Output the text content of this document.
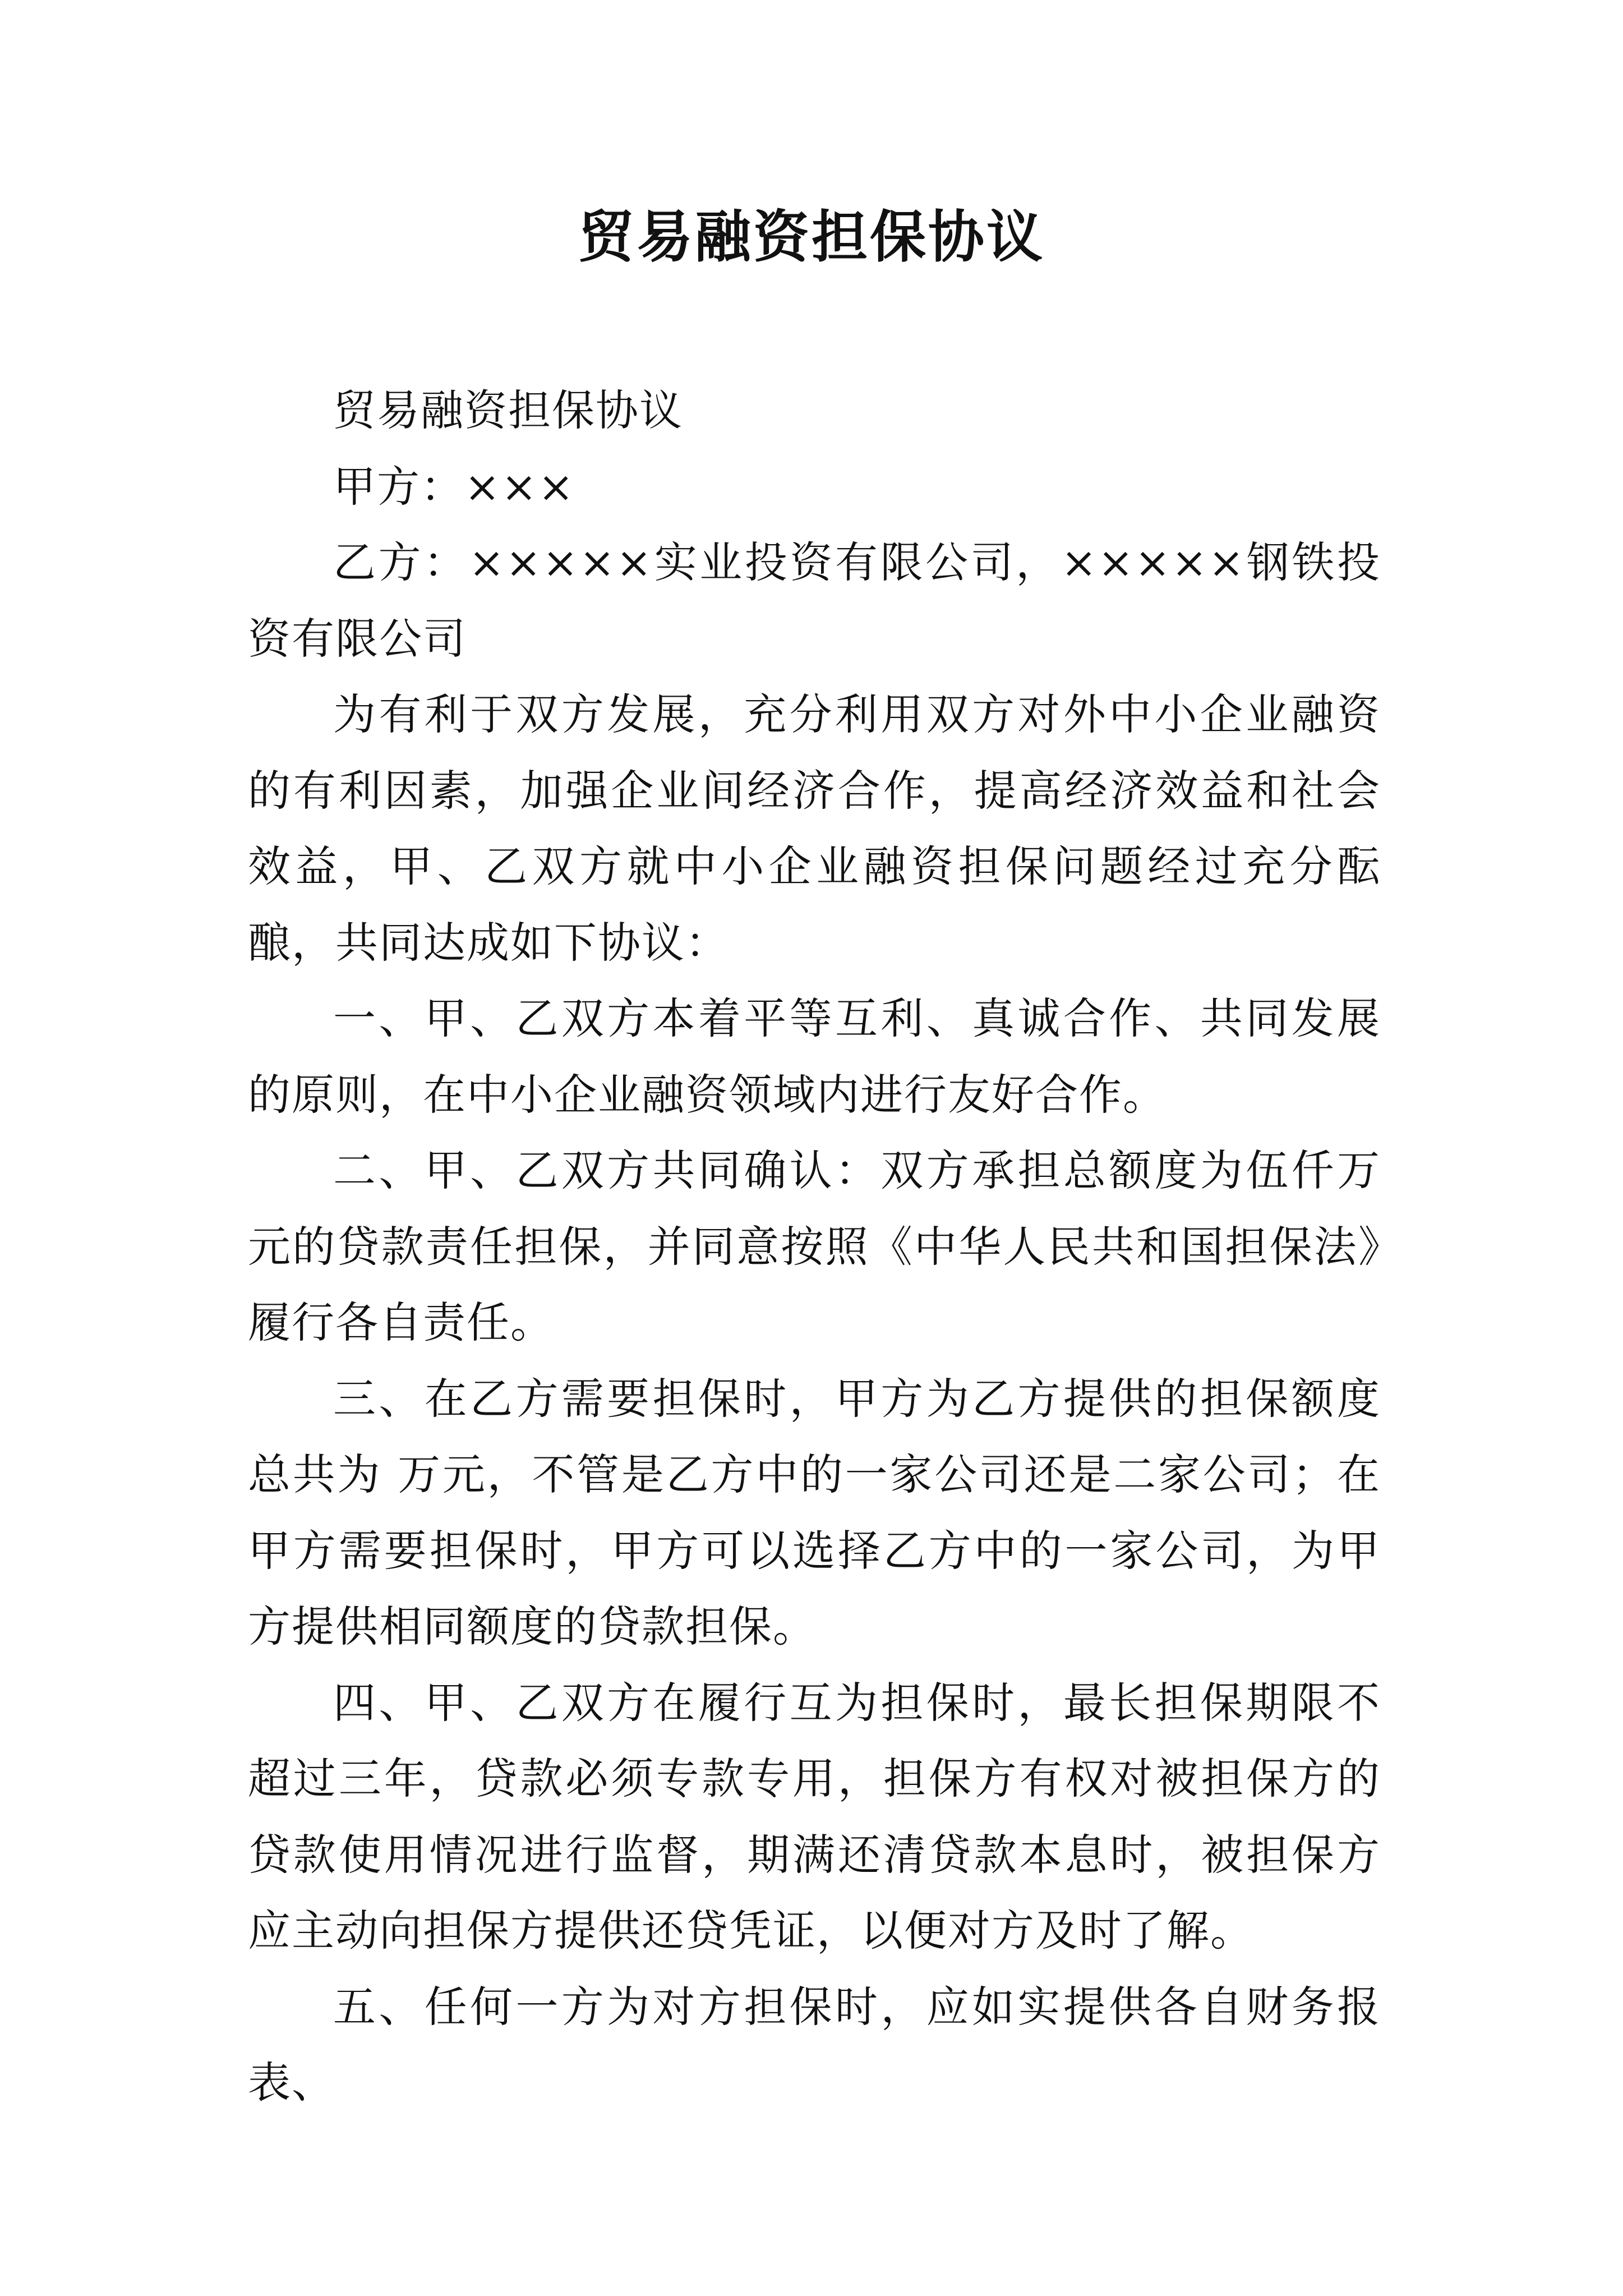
贸易融资担保协议

贸易融资担保协议

甲方：×××

乙方：×××××实业投资有限公司，×××××钢铁投资有限公司

为有利于双方发展，充分利用双方对外中小企业融资的有利因素，加强企业间经济合作，提高经济效益和社会效益，甲、乙双方就中小企业融资担保问题经过充分酝酿，共同达成如下协议：

一、甲、乙双方本着平等互利、真诚合作、共同发展的原则，在中小企业融资领域内进行友好合作。

二、甲、乙双方共同确认：双方承担总额度为伍仟万元的贷款责任担保，并同意按照《中华人民共和国担保法》履行各自责任。

三、在乙方需要担保时，甲方为乙方提供的担保额度总共为 万元，不管是乙方中的一家公司还是二家公司；在甲方需要担保时，甲方可以选择乙方中的一家公司，为甲方提供相同额度的贷款担保。

四、甲、乙双方在履行互为担保时，最长担保期限不超过三年，贷款必须专款专用，担保方有权对被担保方的贷款使用情况进行监督，期满还清贷款本息时，被担保方应主动向担保方提供还贷凭证，以便对方及时了解。

五、任何一方为对方担保时，应如实提供各自财务报表、
